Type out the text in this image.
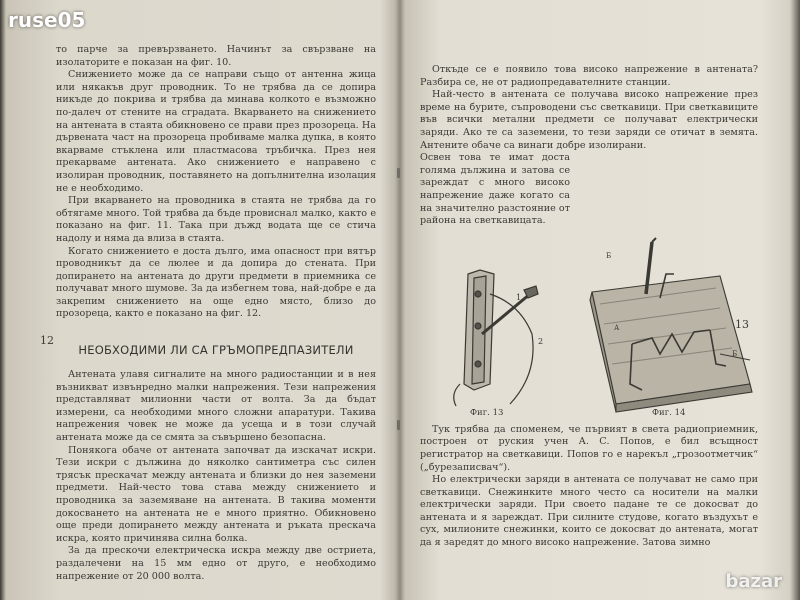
то парче за превързването. Начинът за свързване на изолаторите е показан на фиг. 10.

Снижението може да се направи също от антенна жица или някакъв друг проводник. То не трябва да се допира никъде до покрива и трябва да минава колкото е възможно по-далеч от стените на сградата. Вкарването на снижението на антената в стаята обикновено се прави през прозореца. На дървената част на прозореца пробиваме малка дупка, в която вкарваме стъклена или пластмасова тръбичка. През нея прекарваме антената. Ако снижението е направено с изолиран проводник, поставянето на допълнителна изолация не е необходимо.

При вкарването на проводника в стаята не трябва да го обтягаме много. Той трябва да бъде провиснал малко, както е показано на фиг. 11. Така при дъжд водата ще се стича надолу и няма да влиза в стаята.

Когато снижението е доста дълго, има опасност при вятър проводникът да се люлее и да допира до стената. При допирането на антената до други предмети в приемника се получават много шумове. За да избегнем това, най-добре е да закрепим снижението на още едно място, близо до прозореца, както е показано на фиг. 12.

НЕОБХОДИМИ ЛИ СА ГРЪМОПРЕДПАЗИТЕЛИ

Антената улавя сигналите на много радиостанции и в нея възникват извънредно малки напрежения. Тези напрежения представляват милионни части от волта. За да бъдат измерени, са необходими много сложни апаратури. Такива напрежения човек не може да усеща и в този случай антената може да се смята за съвършено безопасна.

Понякога обаче от антената започват да изскачат искри. Тези искри с дължина до няколко сантиметра със силен трясък прескачат между антената и близки до нея заземени предмети. Най-често това става между снижението и проводника за заземяване на антената. В такива моменти докосването на антената не е много приятно. Обикновено още преди допирането между антената и ръката прескача искра, която причинява силна болка.

За да прескочи електрическа искра между две остриета, раздалечени на 15 мм едно от друго, е необходимо напрежение от 20 000 волта.

12

Откъде се е появило това високо напрежение в антената? Разбира се, не от радиопредавателните станции.

Най-често в антената се получава високо напрежение през време на бурите, съпроводени със светкавици. При светкавиците във всички метални предмети се получават електрически заряди. Ако те са заземени, то тези заряди се отичат в земята. Антените обаче са винаги добре изолирани.

Освен това те имат доста голяма дължина и затова се зареждат с много високо напрежение даже когато са на значително разстояние от района на светкавицата.

2
1
Б
Б
А
Фиг. 13	Фиг. 14

Тук трябва да споменем, че първият в света радиоприемник, построен от руския учен А. С. Попов, е бил всъщност регистратор на светкавици. Попов го е нарекъл „грозоотметчик“ („бурезаписвач“).

Но електрически заряди в антената се получават не само при светкавици. Снежинките много често са носители на малки електрически заряди. При своето падане те се докосват до антената и я зареждат. При силните студове, когато въздухът е сух, милионите снежинки, които се докосват до антената, могат да я заредят до много високо напрежение. Затова зимно

13
ruse05
bazar
